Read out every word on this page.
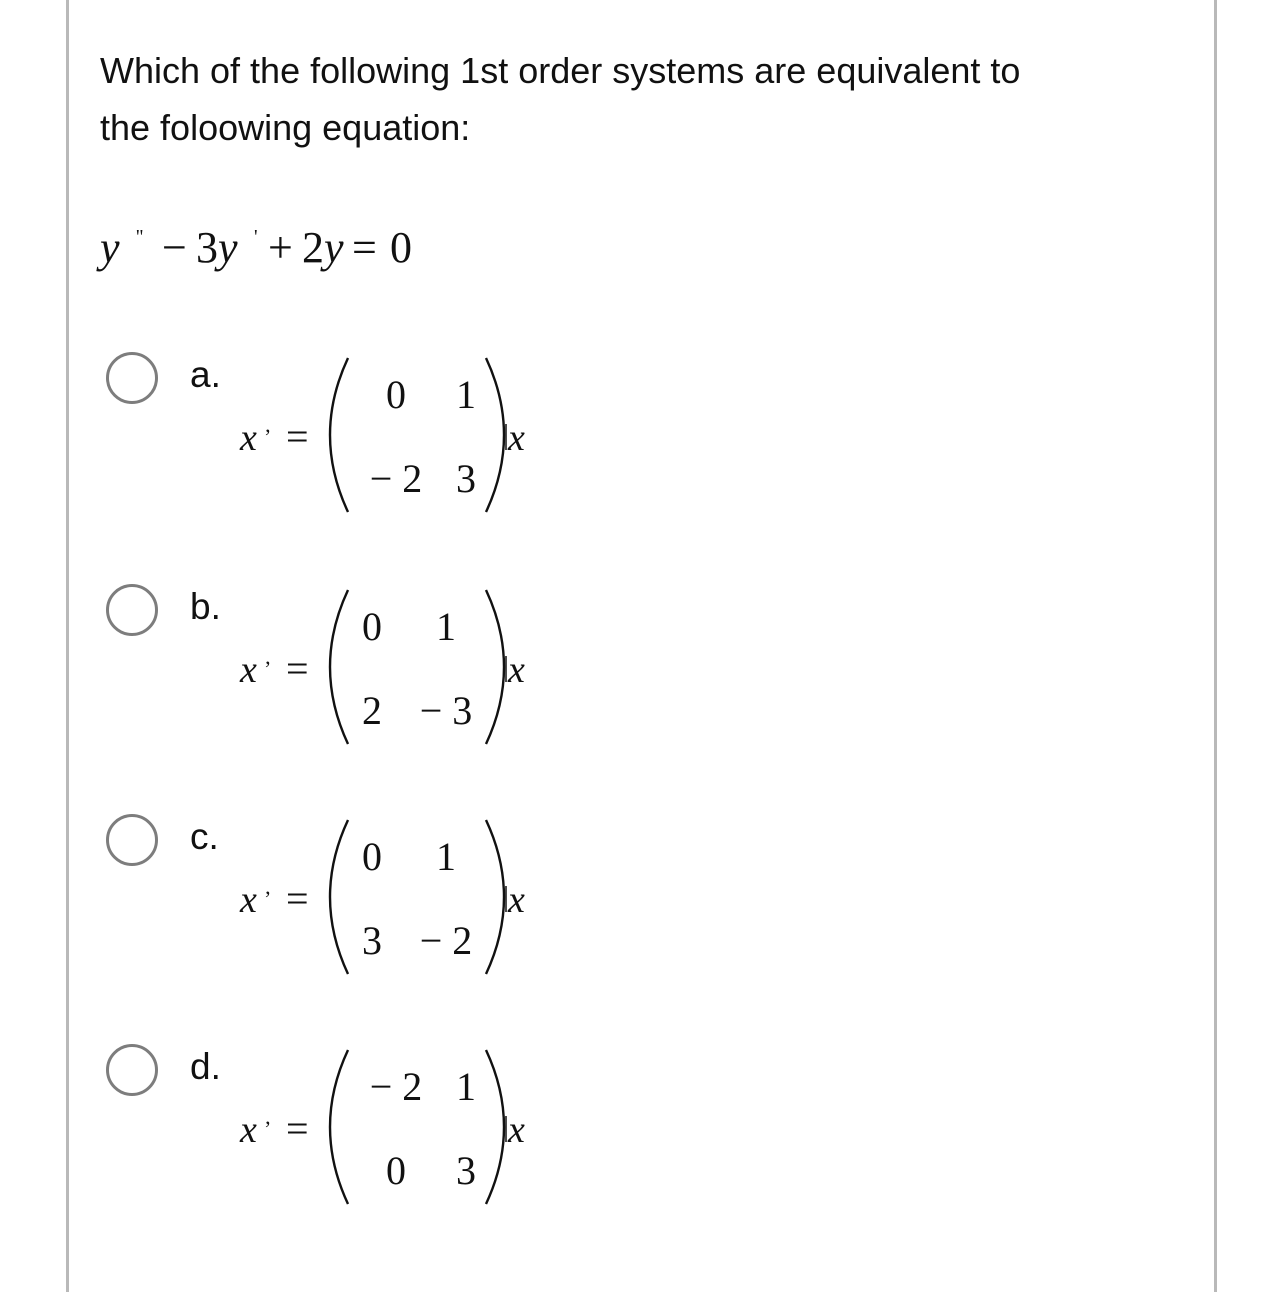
Which of the following 1st order systems are equivalent to
the foloowing equation:
y '' − 3 y ' + 2 y = 0
a.
x ’ =
0 1
− 2 3
x
b.
x ’ =
0 1
2 − 3
x
c.
x ’ =
0 1
3 − 2
x
d.
x ’ =
− 2 1
0 3
x
